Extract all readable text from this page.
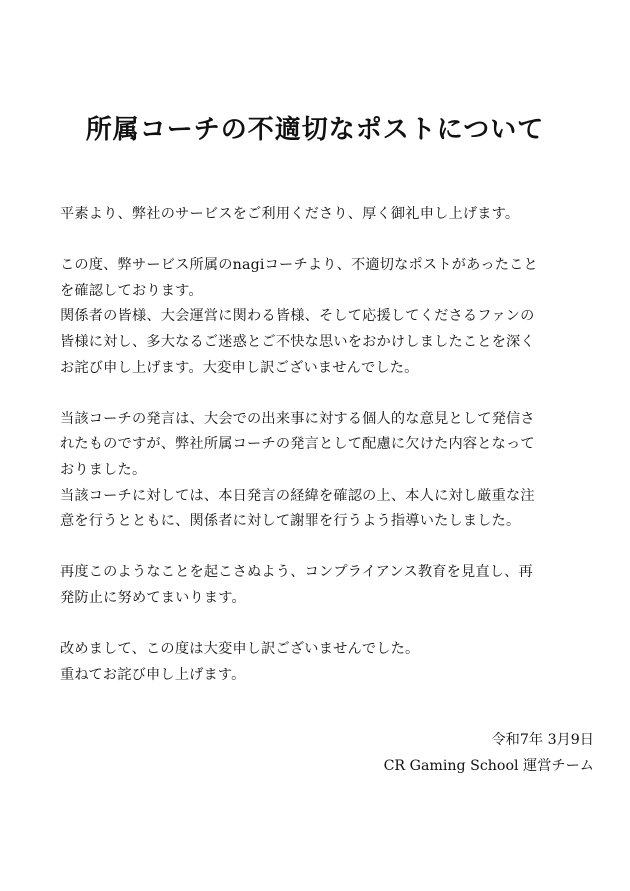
所属コーチの不適切なポストについて
平素より、弊社のサービスをご利用くださり、厚く御礼申し上げます。
この度、弊サービス所属のnagiコーチより、不適切なポストがあったこと
を確認しております。
関係者の皆様、大会運営に関わる皆様、そして応援してくださるファンの
皆様に対し、多大なるご迷惑とご不快な思いをおかけしましたことを深く
お詫び申し上げます。大変申し訳ございませんでした。
当該コーチの発言は、大会での出来事に対する個人的な意見として発信さ
れたものですが、弊社所属コーチの発言として配慮に欠けた内容となって
おりました。
当該コーチに対しては、本日発言の経緯を確認の上、本人に対し厳重な注
意を行うとともに、関係者に対して謝罪を行うよう指導いたしました。
再度このようなことを起こさぬよう、コンプライアンス教育を見直し、再
発防止に努めてまいります。
改めまして、この度は大変申し訳ございませんでした。
重ねてお詫び申し上げます。
令和7年 3月9日
CR Gaming School 運営チーム
